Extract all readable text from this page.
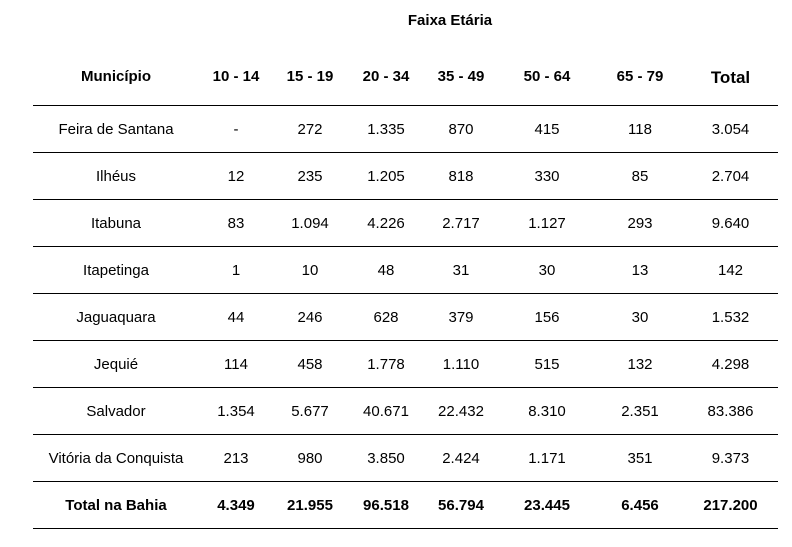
Faixa Etária
Município	10 - 14	15 - 19	20 - 34	35 - 49	50 - 64	65 - 79	Total
Feira de Santana	-	272	1.335	870	415	118	3.054
Ilhéus	12	235	1.205	818	330	85	2.704
Itabuna	83	1.094	4.226	2.717	1.127	293	9.640
Itapetinga	1	10	48	31	30	13	142
Jaguaquara	44	246	628	379	156	30	1.532
Jequié	114	458	1.778	1.110	515	132	4.298
Salvador	1.354	5.677	40.671	22.432	8.310	2.351	83.386
Vitória da Conquista	213	980	3.850	2.424	1.171	351	9.373
Total na Bahia	4.349	21.955	96.518	56.794	23.445	6.456	217.200
